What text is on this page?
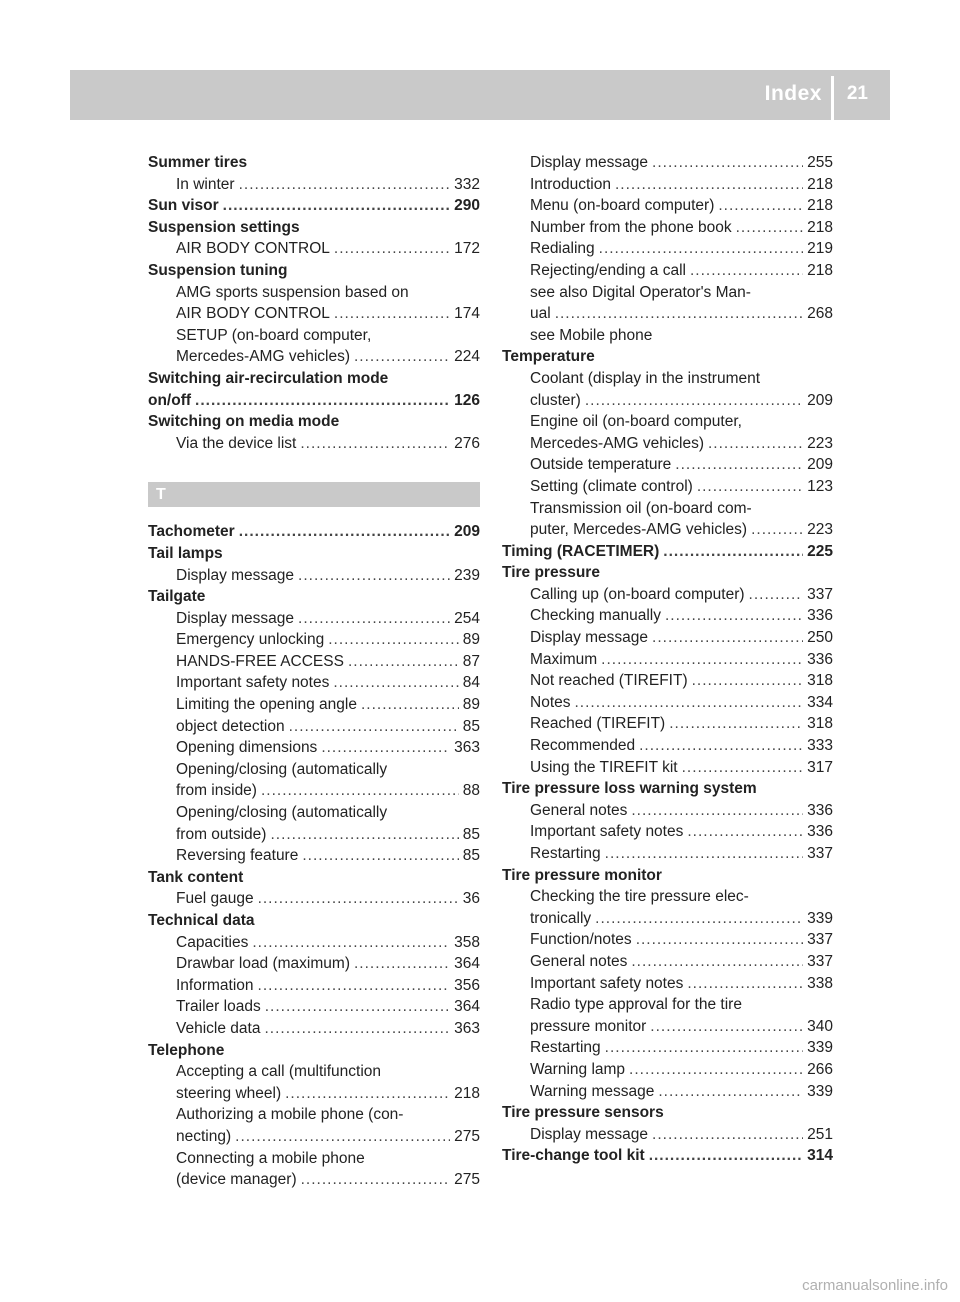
Index 21
Summer tires
In winter .....	332
Sun visor .....	290
Suspension settings
AIR BODY CONTROL .....	172
Suspension tuning
AMG sports suspension based on
AIR BODY CONTROL .....	174
SETUP (on-board computer,
Mercedes-AMG vehicles) .....	224
Switching air-recirculation mode
on/off .....	126
Switching on media mode
Via the device list .....	276
T
Tachometer .....	209
Tail lamps
Display message .....	239
Tailgate
Display message .....	254
Emergency unlocking .....	89
HANDS-FREE ACCESS .....	87
Important safety notes .....	84
Limiting the opening angle .....	89
object detection .....	85
Opening dimensions .....	363
Opening/closing (automatically
from inside) .....	88
Opening/closing (automatically
from outside) .....	85
Reversing feature .....	85
Tank content
Fuel gauge .....	36
Technical data
Capacities .....	358
Drawbar load (maximum) .....	364
Information .....	356
Trailer loads .....	364
Vehicle data .....	363
Telephone
Accepting a call (multifunction
steering wheel) .....	218
Authorizing a mobile phone (con-
necting) .....	275
Connecting a mobile phone
(device manager) .....	275
Display message .....	255
Introduction .....	218
Menu (on-board computer) .....	218
Number from the phone book .....	218
Redialing .....	219
Rejecting/ending a call .....	218
see also Digital Operator's Man-
ual .....	268
see Mobile phone
Temperature
Coolant (display in the instrument
cluster) .....	209
Engine oil (on-board computer,
Mercedes-AMG vehicles) .....	223
Outside temperature .....	209
Setting (climate control) .....	123
Transmission oil (on-board com-
puter, Mercedes-AMG vehicles) .....	223
Timing (RACETIMER) .....	225
Tire pressure
Calling up (on-board computer) .....	337
Checking manually .....	336
Display message .....	250
Maximum .....	336
Not reached (TIREFIT) .....	318
Notes .....	334
Reached (TIREFIT) .....	318
Recommended .....	333
Using the TIREFIT kit .....	317
Tire pressure loss warning system
General notes .....	336
Important safety notes .....	336
Restarting .....	337
Tire pressure monitor
Checking the tire pressure elec-
tronically .....	339
Function/notes .....	337
General notes .....	337
Important safety notes .....	338
Radio type approval for the tire
pressure monitor .....	340
Restarting .....	339
Warning lamp .....	266
Warning message .....	339
Tire pressure sensors
Display message .....	251
Tire-change tool kit .....	314
carmanualsonline.info
